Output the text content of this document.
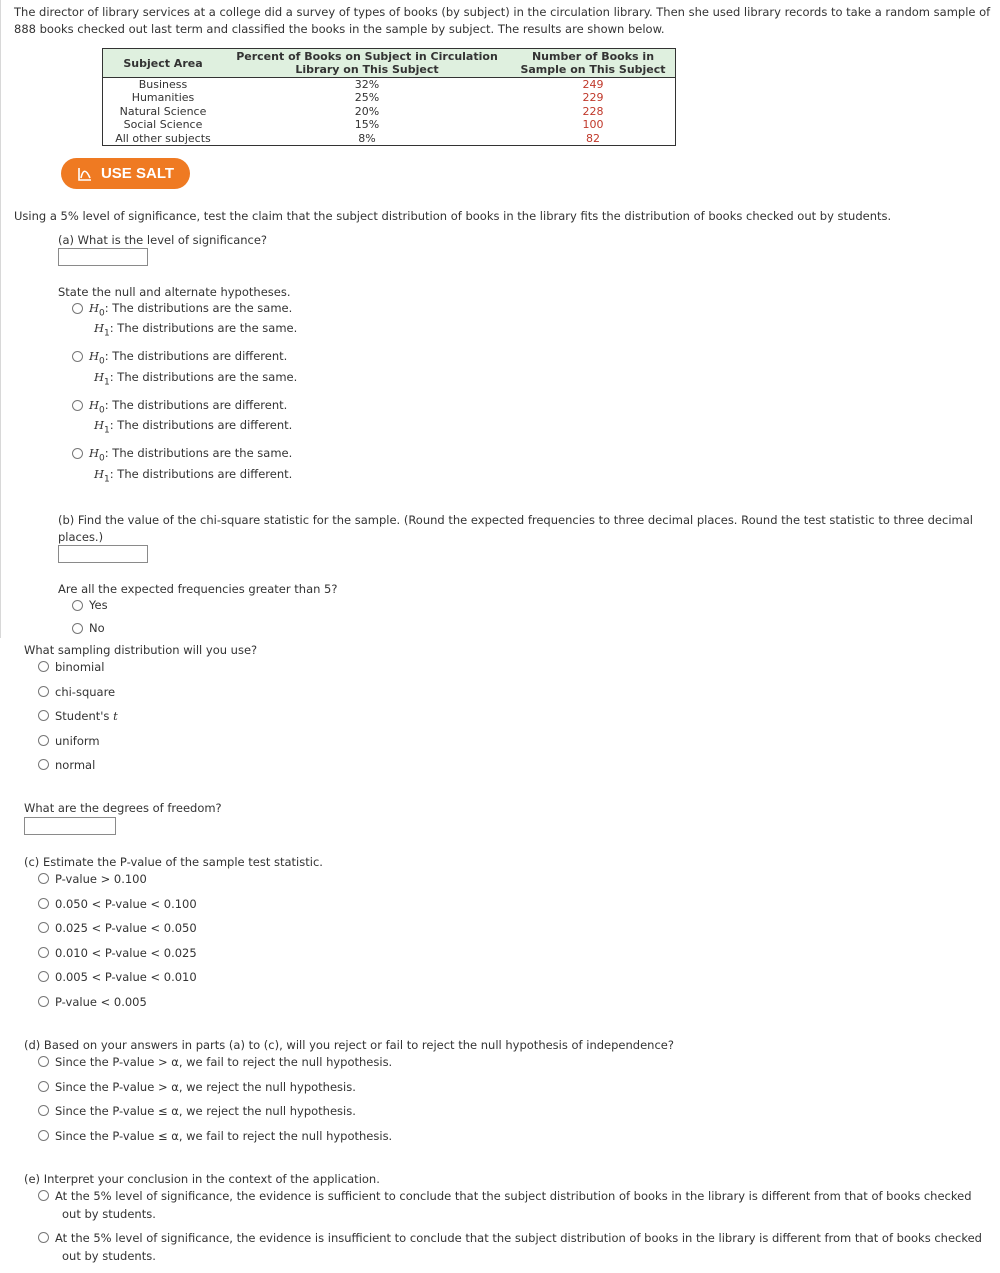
The director of library services at a college did a survey of types of books (by subject) in the circulation library. Then she used library records to take a random sample of 888 books checked out last term and classified the books in the sample by subject. The results are shown below.
Subject Area	Percent of Books on Subject in Circulation Library on This Subject	Number of Books in Sample on This Subject
Business	32%	249
Humanities	25%	229
Natural Science	20%	228
Social Science	15%	100
All other subjects	8%	82
USE SALT
Using a 5% level of significance, test the claim that the subject distribution of books in the library fits the distribution of books checked out by students.
(a) What is the level of significance?
State the null and alternate hypotheses.
$H_0$: The distributions are the same.
$H_1$: The distributions are the same.
$H_0$: The distributions are different.
$H_1$: The distributions are the same.
$H_0$: The distributions are different.
$H_1$: The distributions are different.
$H_0$: The distributions are the same.
$H_1$: The distributions are different.
(b) Find the value of the chi-square statistic for the sample. (Round the expected frequencies to three decimal places. Round the test statistic to three decimal
places.)
Are all the expected frequencies greater than 5?
Yes
No
What sampling distribution will you use?
binomial
chi-square
Student's t
uniform
normal
What are the degrees of freedom?
(c) Estimate the P-value of the sample test statistic.
P-value > 0.100
0.050 < P-value < 0.100
0.025 < P-value < 0.050
0.010 < P-value < 0.025
0.005 < P-value < 0.010
P-value < 0.005
(d) Based on your answers in parts (a) to (c), will you reject or fail to reject the null hypothesis of independence?
Since the P-value > α, we fail to reject the null hypothesis.
Since the P-value > α, we reject the null hypothesis.
Since the P-value ≤ α, we reject the null hypothesis.
Since the P-value ≤ α, we fail to reject the null hypothesis.
(e) Interpret your conclusion in the context of the application.
At the 5% level of significance, the evidence is sufficient to conclude that the subject distribution of books in the library is different from that of books checked
out by students.
At the 5% level of significance, the evidence is insufficient to conclude that the subject distribution of books in the library is different from that of books checked
out by students.
